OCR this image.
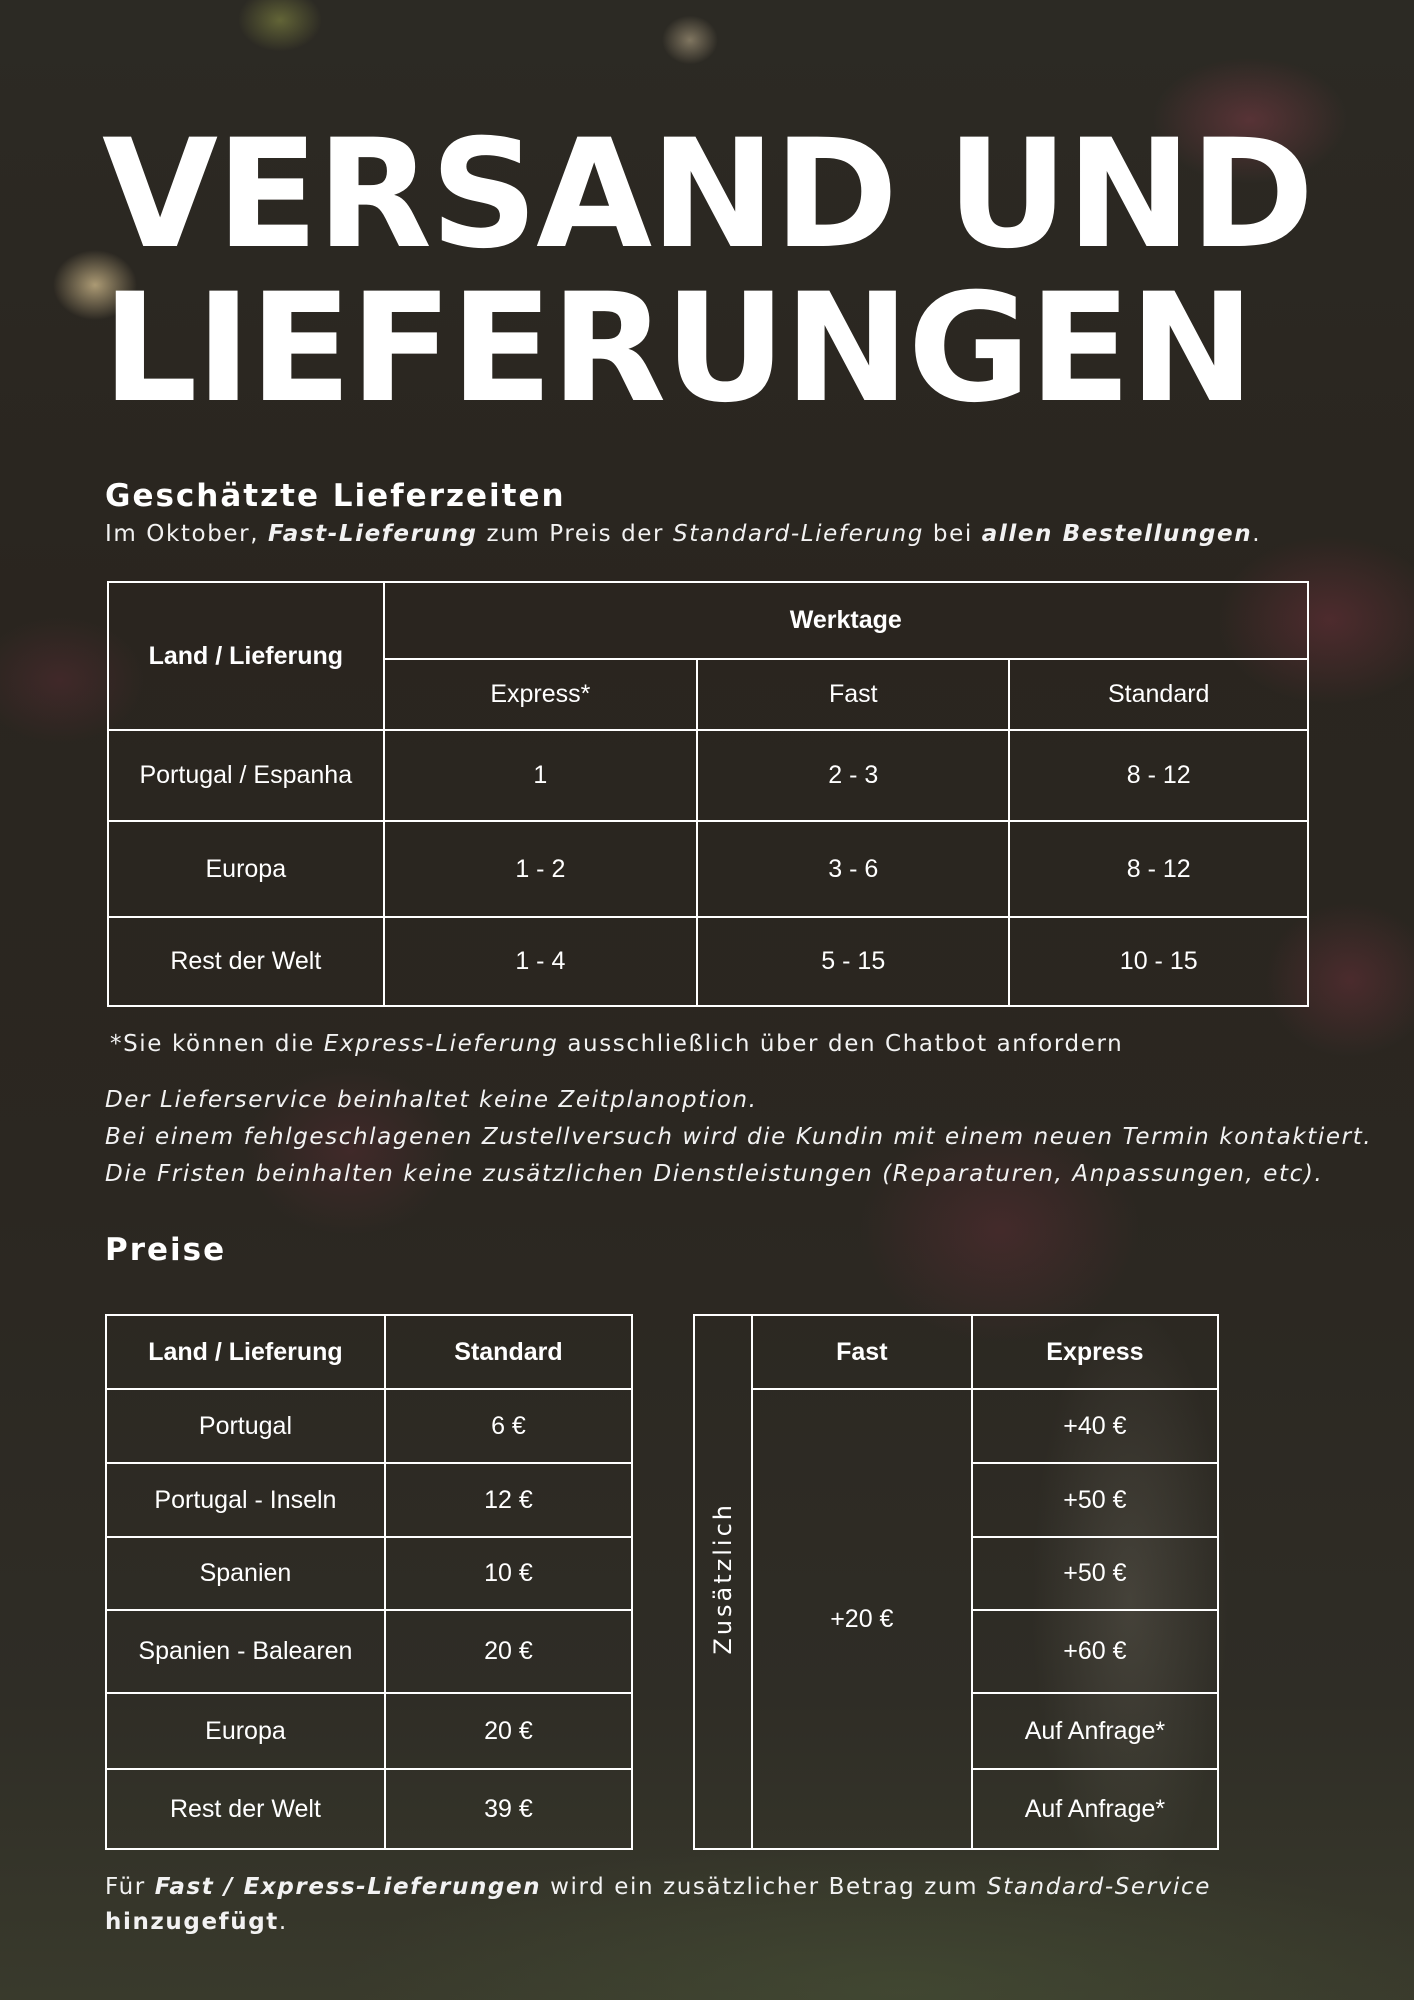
VERSAND UND
LIEFERUNGEN
Geschätzte Lieferzeiten

Im Oktober, Fast-Lieferung zum Preis der Standard-Lieferung bei allen Bestellungen.

Land / Lieferung	Werktage		
	Express*	Fast	Standard
Portugal / Espanha	1	2 - 3	8 - 12
Europa	1 - 2	3 - 6	8 - 12
Rest der Welt	1 - 4	5 - 15	10 - 15

*Sie können die Express-Lieferung ausschließlich über den Chatbot anfordern

Der Lieferservice beinhaltet keine Zeitplanoption.
Bei einem fehlgeschlagenen Zustellversuch wird die Kundin mit einem neuen Termin kontaktiert.
Die Fristen beinhalten keine zusätzlichen Dienstleistungen (Reparaturen, Anpassungen, etc).
Preise
Land / Lieferung	Standard
Portugal	6 €
Portugal - Inseln	12 €
Spanien	10 €
Spanien - Balearen	20 €
Europa	20 €
Rest der Welt	39 €
Zusätzlich	Fast	Express
	+20 €	+40 €
		+50 €
		+50 €
		+60 €
		Auf Anfrage*
		Auf Anfrage*
Für Fast / Express-Lieferungen wird ein zusätzlicher Betrag zum Standard-Service
hinzugefügt.
